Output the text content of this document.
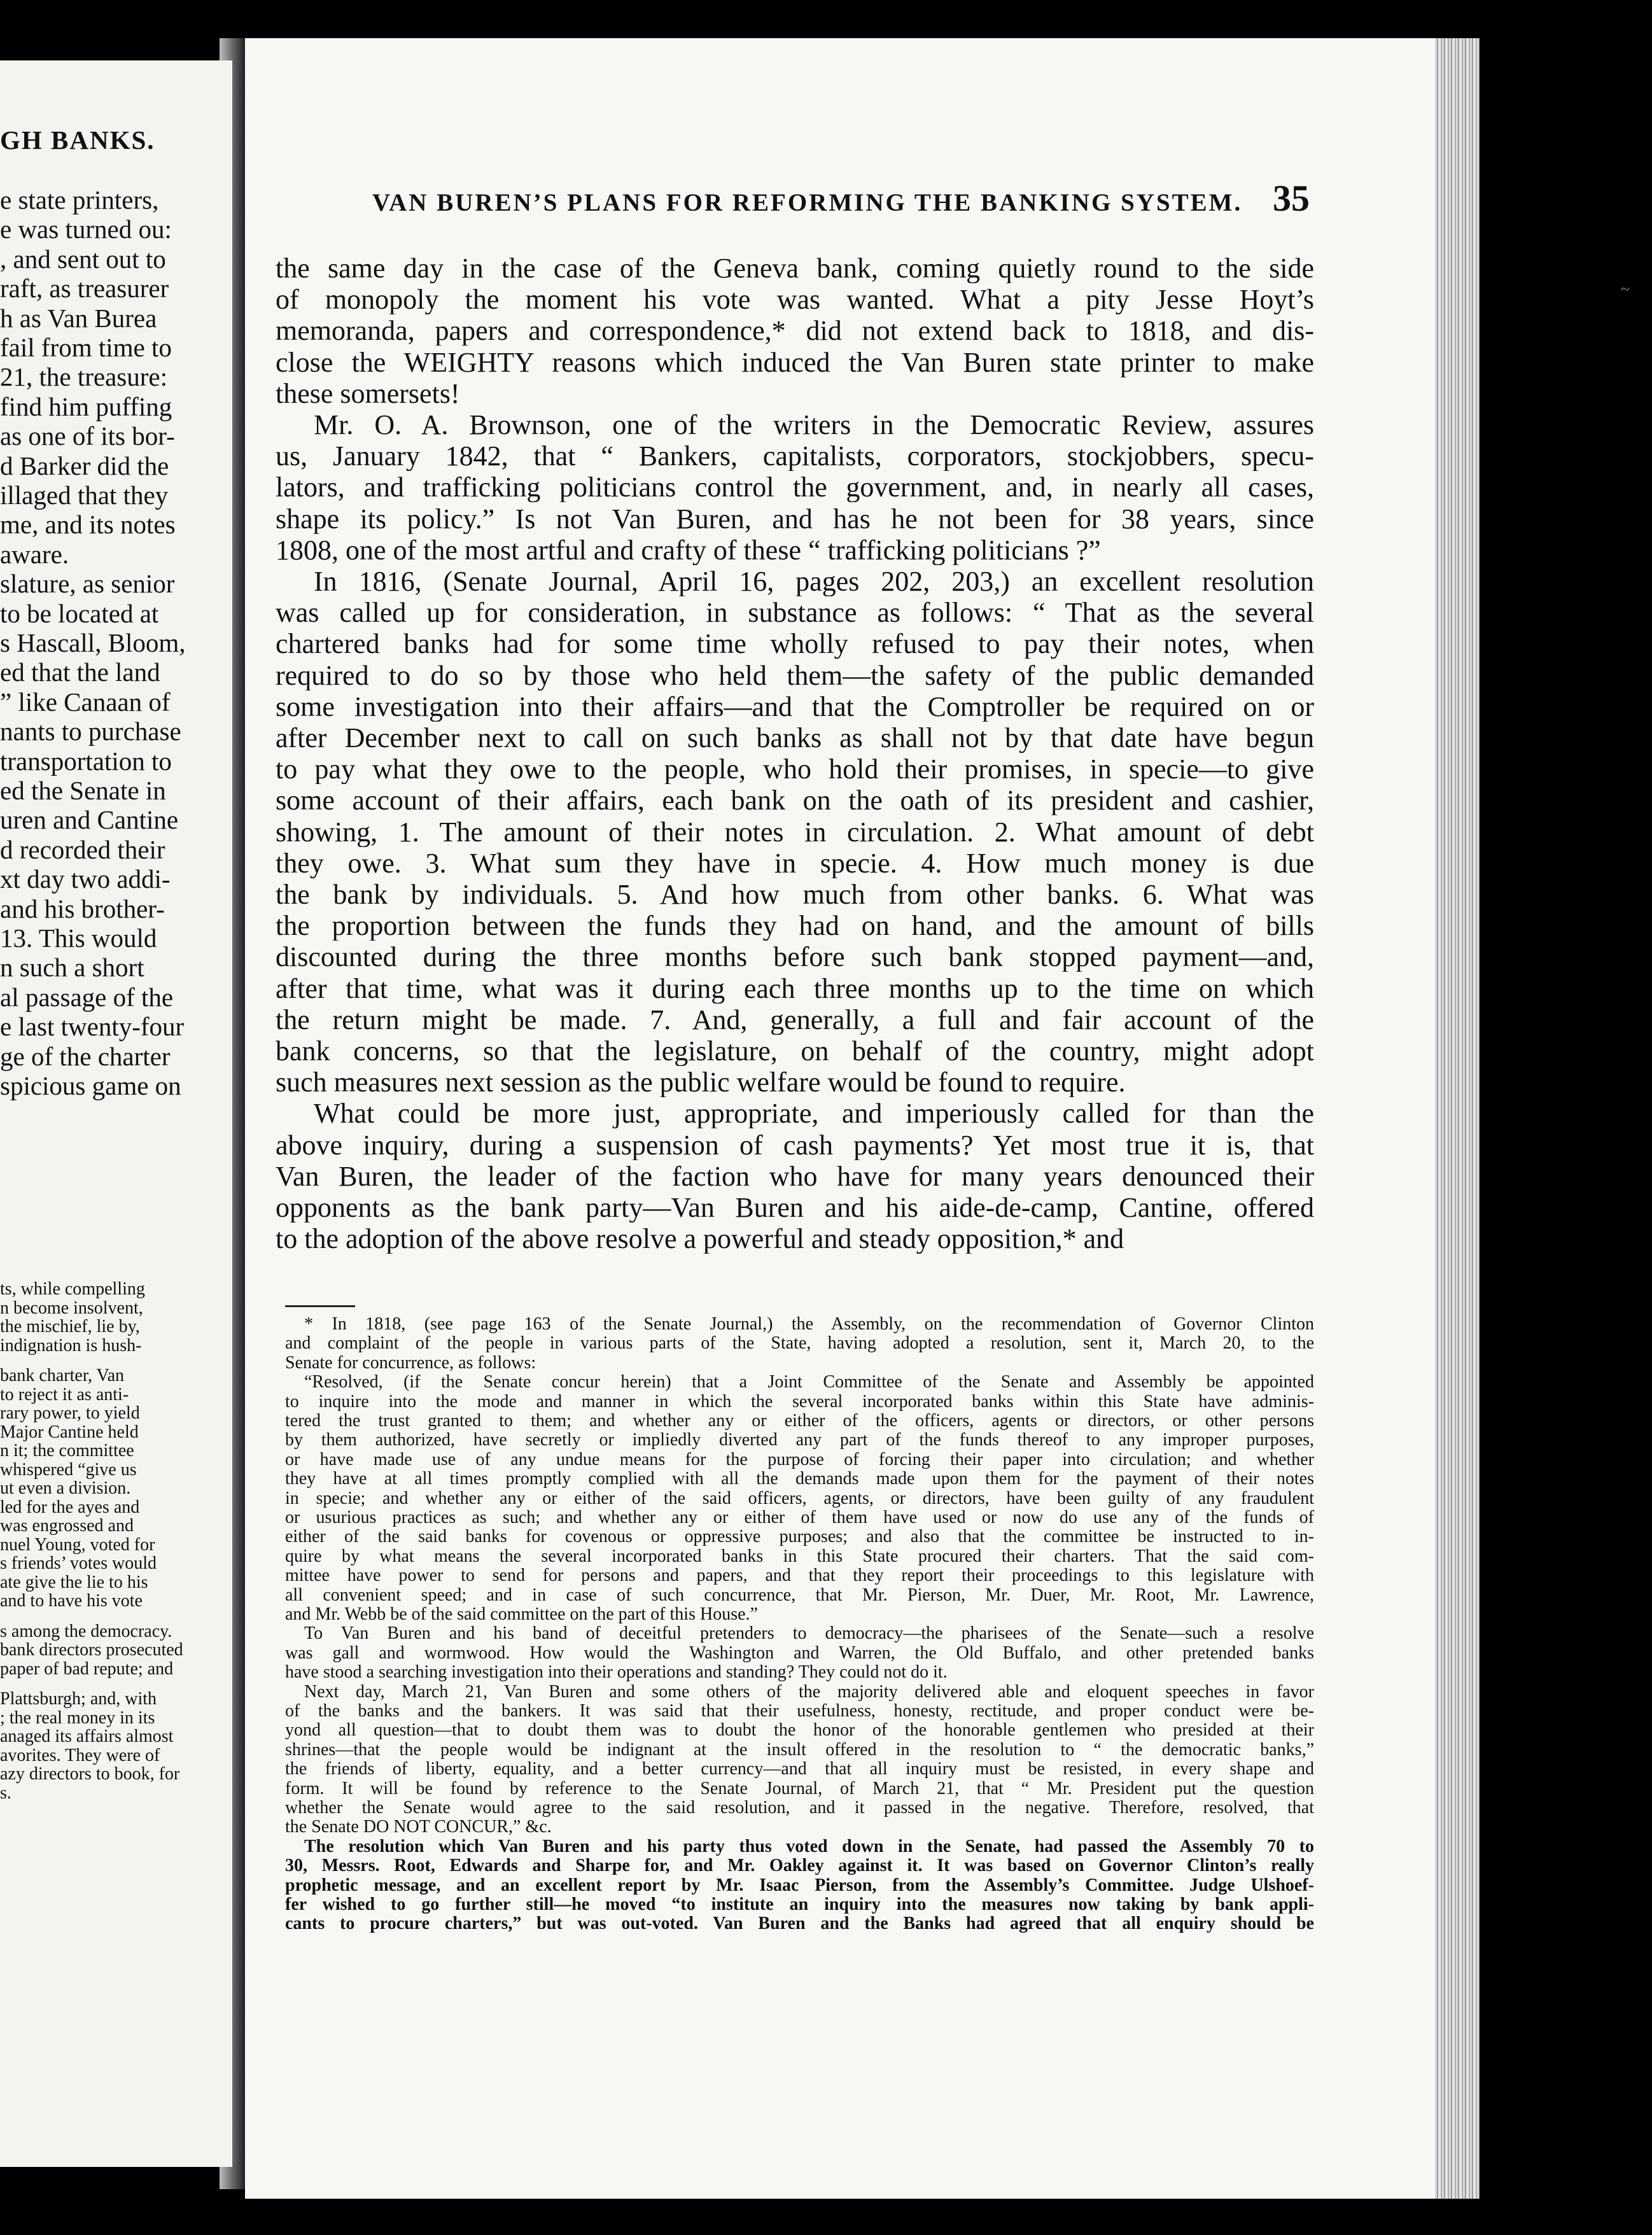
~
GH BANKS.
e state printers,
e was turned ou:
, and sent out to
raft, as treasurer
h as Van Burea
fail from time to
21, the treasure:
find him puffing
as one of its bor-
d Barker did the
illaged that they
me, and its notes
aware.
slature, as senior
to be located at
s Hascall, Bloom,
ed that the land
” like Canaan of
nants to purchase
transportation to
ed the Senate in
uren and Cantine
d recorded their
xt day two addi-
and his brother-
13. This would
n such a short
al passage of the
e last twenty-four
ge of the charter
spicious game on
ts, while compelling
n become insolvent,
the mischief, lie by,
indignation is hush-
bank charter, Van
to reject it as anti-
rary power, to yield
Major Cantine held
n it; the committee
whispered “give us
ut even a division.
led for the ayes and
was engrossed and
nuel Young, voted for
s friends’ votes would
ate give the lie to his
and to have his vote
s among the democracy.
bank directors prosecuted
paper of bad repute; and
Plattsburgh; and, with
; the real money in its
anaged its affairs almost
avorites. They were of
azy directors to book, for
s.
VAN BUREN’S PLANS FOR REFORMING THE BANKING SYSTEM. 35
the same day in the case of the Geneva bank, coming quietly round to the side
of monopoly the moment his vote was wanted. What a pity Jesse Hoyt’s
memoranda, papers and correspondence,* did not extend back to 1818, and dis-
close the WEIGHTY reasons which induced the Van Buren state printer to make
these somersets!
Mr. O. A. Brownson, one of the writers in the Democratic Review, assures
us, January 1842, that “ Bankers, capitalists, corporators, stockjobbers, specu-
lators, and trafficking politicians control the government, and, in nearly all cases,
shape its policy.” Is not Van Buren, and has he not been for 38 years, since
1808, one of the most artful and crafty of these “ trafficking politicians ?”
In 1816, (Senate Journal, April 16, pages 202, 203,) an excellent resolution
was called up for consideration, in substance as follows: “ That as the several
chartered banks had for some time wholly refused to pay their notes, when
required to do so by those who held them—the safety of the public demanded
some investigation into their affairs—and that the Comptroller be required on or
after December next to call on such banks as shall not by that date have begun
to pay what they owe to the people, who hold their promises, in specie—to give
some account of their affairs, each bank on the oath of its president and cashier,
showing, 1. The amount of their notes in circulation. 2. What amount of debt
they owe. 3. What sum they have in specie. 4. How much money is due
the bank by individuals. 5. And how much from other banks. 6. What was
the proportion between the funds they had on hand, and the amount of bills
discounted during the three months before such bank stopped payment—and,
after that time, what was it during each three months up to the time on which
the return might be made. 7. And, generally, a full and fair account of the
bank concerns, so that the legislature, on behalf of the country, might adopt
such measures next session as the public welfare would be found to require.
What could be more just, appropriate, and imperiously called for than the
above inquiry, during a suspension of cash payments? Yet most true it is, that
Van Buren, the leader of the faction who have for many years denounced their
opponents as the bank party—Van Buren and his aide-de-camp, Cantine, offered
to the adoption of the above resolve a powerful and steady opposition,* and
* In 1818, (see page 163 of the Senate Journal,) the Assembly, on the recommendation of Governor Clinton
and complaint of the people in various parts of the State, having adopted a resolution, sent it, March 20, to the
Senate for concurrence, as follows:
“Resolved, (if the Senate concur herein) that a Joint Committee of the Senate and Assembly be appointed
to inquire into the mode and manner in which the several incorporated banks within this State have adminis-
tered the trust granted to them; and whether any or either of the officers, agents or directors, or other persons
by them authorized, have secretly or impliedly diverted any part of the funds thereof to any improper purposes,
or have made use of any undue means for the purpose of forcing their paper into circulation; and whether
they have at all times promptly complied with all the demands made upon them for the payment of their notes
in specie; and whether any or either of the said officers, agents, or directors, have been guilty of any fraudulent
or usurious practices as such; and whether any or either of them have used or now do use any of the funds of
either of the said banks for covenous or oppressive purposes; and also that the committee be instructed to in-
quire by what means the several incorporated banks in this State procured their charters. That the said com-
mittee have power to send for persons and papers, and that they report their proceedings to this legislature with
all convenient speed; and in case of such concurrence, that Mr. Pierson, Mr. Duer, Mr. Root, Mr. Lawrence,
and Mr. Webb be of the said committee on the part of this House.”
To Van Buren and his band of deceitful pretenders to democracy—the pharisees of the Senate—such a resolve
was gall and wormwood. How would the Washington and Warren, the Old Buffalo, and other pretended banks
have stood a searching investigation into their operations and standing? They could not do it.
Next day, March 21, Van Buren and some others of the majority delivered able and eloquent speeches in favor
of the banks and the bankers. It was said that their usefulness, honesty, rectitude, and proper conduct were be-
yond all question—that to doubt them was to doubt the honor of the honorable gentlemen who presided at their
shrines—that the people would be indignant at the insult offered in the resolution to “ the democratic banks,”
the friends of liberty, equality, and a better currency—and that all inquiry must be resisted, in every shape and
form. It will be found by reference to the Senate Journal, of March 21, that “ Mr. President put the question
whether the Senate would agree to the said resolution, and it passed in the negative. Therefore, resolved, that
the Senate DO NOT CONCUR,” &c.
The resolution which Van Buren and his party thus voted down in the Senate, had passed the Assembly 70 to
30, Messrs. Root, Edwards and Sharpe for, and Mr. Oakley against it. It was based on Governor Clinton’s really
prophetic message, and an excellent report by Mr. Isaac Pierson, from the Assembly’s Committee. Judge Ulshoef-
fer wished to go further still—he moved “to institute an inquiry into the measures now taking by bank appli-
cants to procure charters,” but was out-voted. Van Buren and the Banks had agreed that all enquiry should be
